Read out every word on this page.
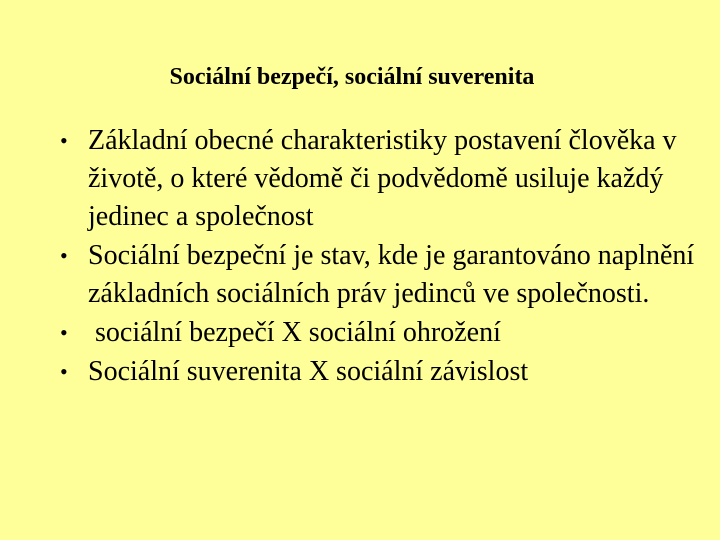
Sociální bezpečí, sociální suverenita
• Základní obecné charakteristiky postavení člověka v životě, o které vědomě či podvědomě usiluje každý jedinec a společnost
• Sociální bezpeční je stav, kde je garantováno naplnění základních sociálních práv jedinců ve společnosti.
• sociální bezpečí X sociální ohrožení
• Sociální suverenita X sociální závislost
